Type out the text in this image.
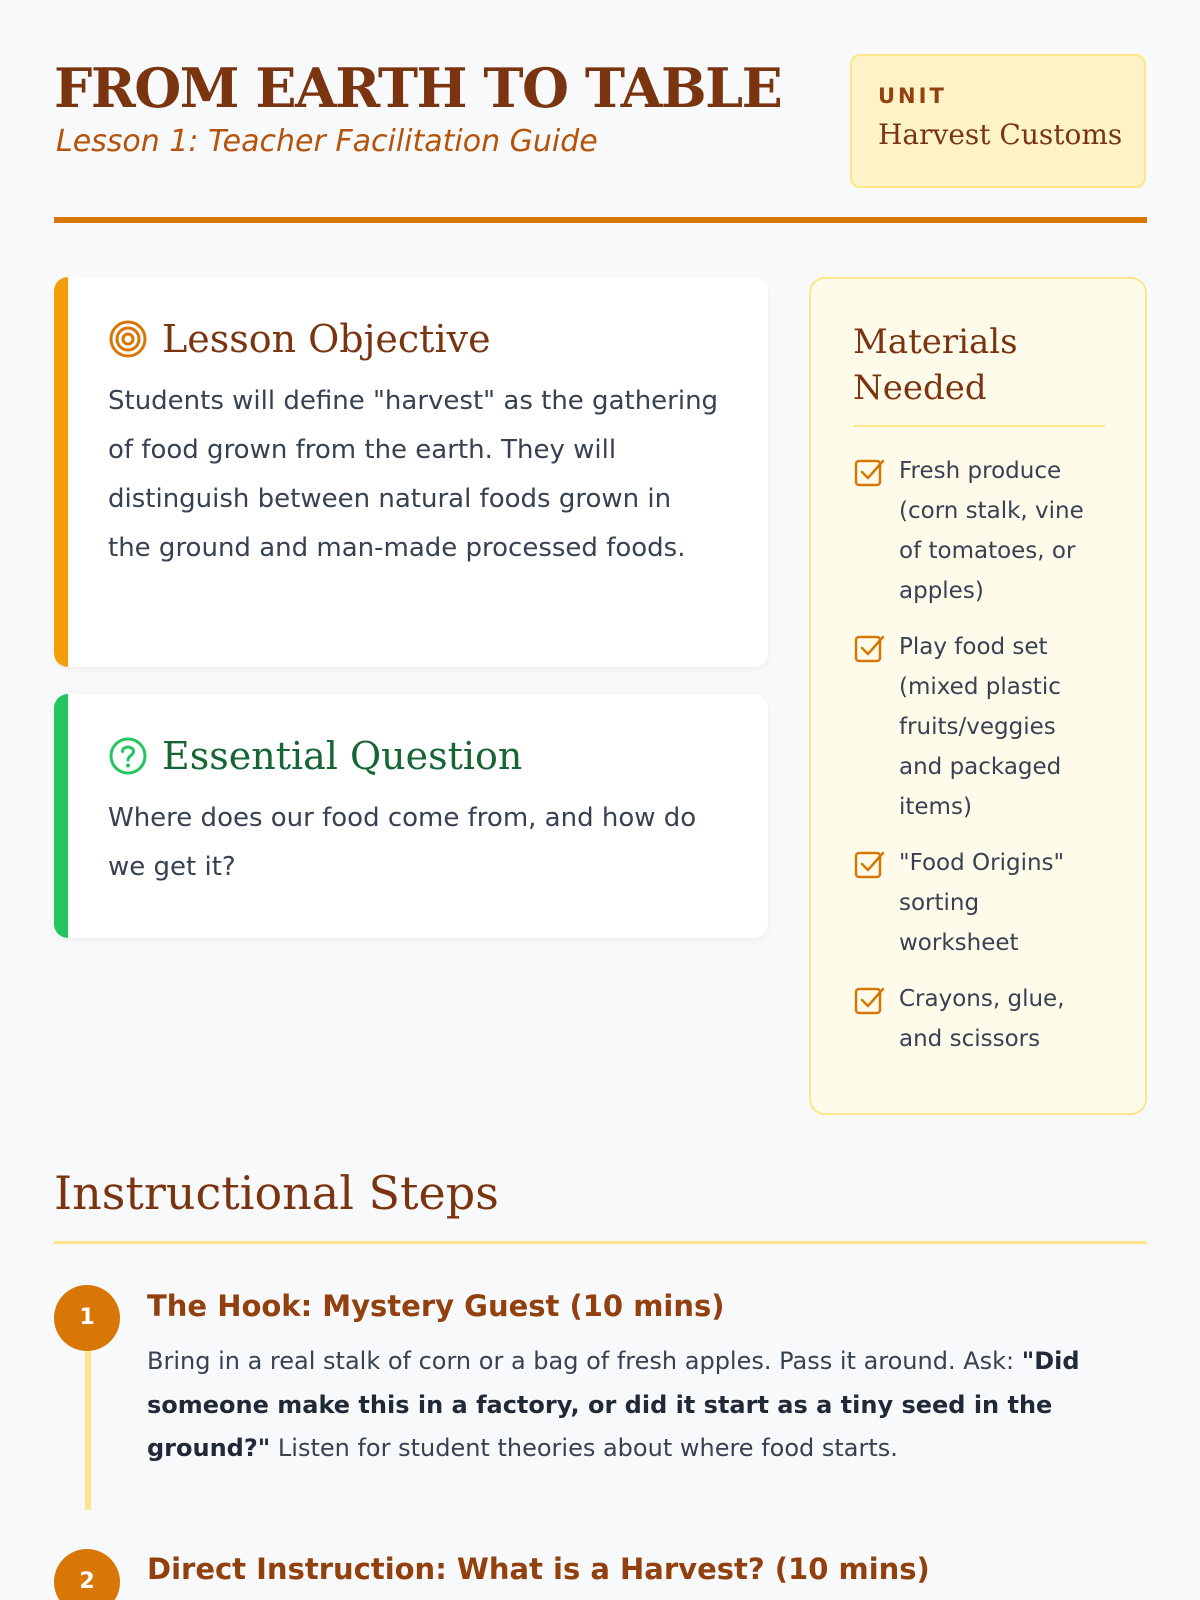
FROM EARTH TO TABLE
Lesson 1: Teacher Facilitation Guide
UNIT
Harvest Customs
Lesson Objective
Students will define "harvest" as the gathering of food grown from the earth. They will distinguish between natural foods grown in the ground and man-made processed foods.
Essential Question
Where does our food come from, and how do we get it?
Materials Needed
Fresh produce (corn stalk, vine of tomatoes, or apples)
Play food set (mixed plastic fruits/veggies and packaged items)
"Food Origins" sorting worksheet
Crayons, glue, and scissors
Instructional Steps
1	The Hook: Mystery Guest (10 mins)
Bring in a real stalk of corn or a bag of fresh apples. Pass it around. Ask: "Did someone make this in a factory, or did it start as a tiny seed in the ground?" Listen for student theories about where food starts.
2	Direct Instruction: What is a Harvest? (10 mins)
